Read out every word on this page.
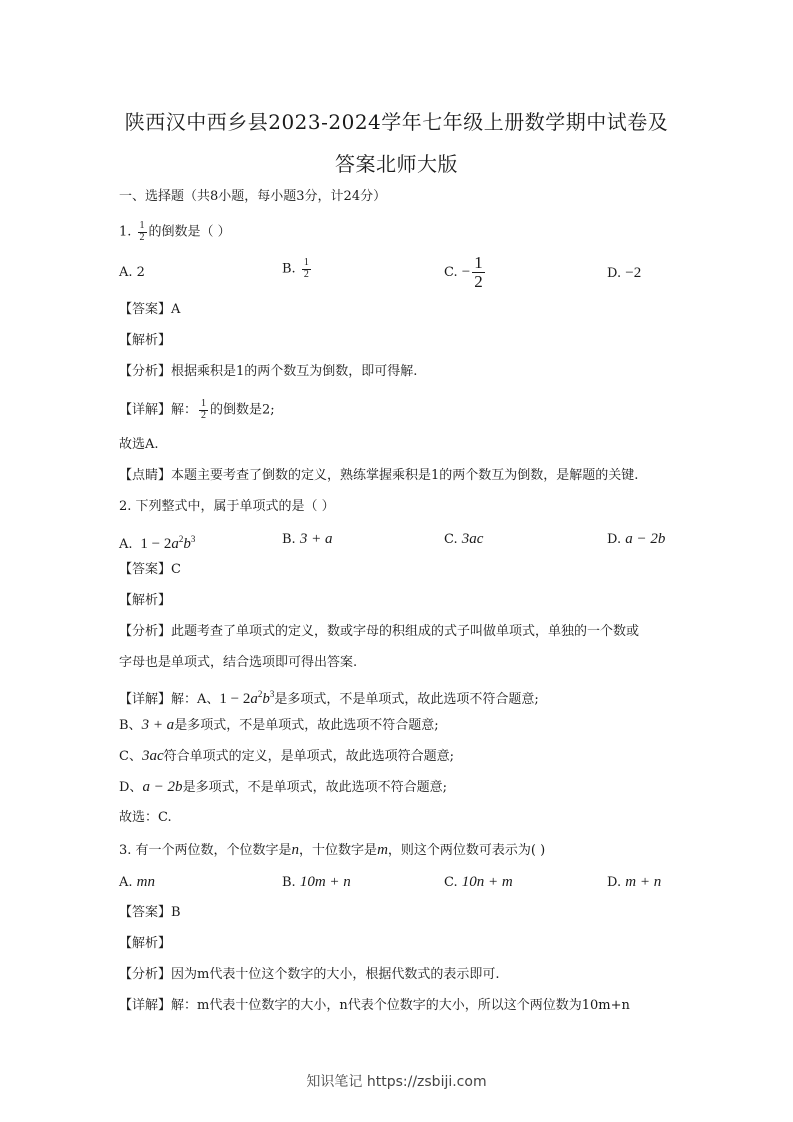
陕西汉中西乡县2023-2024学年七年级上册数学期中试卷及
答案北师大版
一、选择题（共8小题，每小题3分，计24分）
1. $\frac{1}{2}$ 的倒数是（ ）
A. 2	B. $\frac{1}{2}$	C. − $\frac{1}{2}$	D. −2
【答案】A
【解析】
【分析】根据乘积是1的两个数互为倒数，即可得解.
【详解】解： $\frac{1}{2}$ 的倒数是2;
故选A.
【点睛】本题主要考查了倒数的定义，熟练掌握乘积是1的两个数互为倒数，是解题的关键.
2. 下列整式中，属于单项式的是（ ）
A.  $1 - 2a^2b^3$	B. 3 + a	C. 3ac	D. a − 2b
【答案】C
【解析】
【分析】此题考查了单项式的定义，数或字母的积组成的式子叫做单项式，单独的一个数或
字母也是单项式，结合选项即可得出答案.
【详解】解：A、$1 - 2a^2b^3$是多项式，不是单项式，故此选项不符合题意;
B、3 + a是多项式，不是单项式，故此选项不符合题意;
C、3ac符合单项式的定义，是单项式，故此选项符合题意;
D、a − 2b是多项式，不是单项式，故此选项不符合题意;
故选：C.
3. 有一个两位数，个位数字是n，十位数字是m，则这个两位数可表示为( )
A. mn	B. 10m + n	C. 10n + m	D. m + n
【答案】B
【解析】
【分析】因为m代表十位这个数字的大小，根据代数式的表示即可.
【详解】解：m代表十位数字的大小，n代表个位数字的大小，所以这个两位数为10m+n
知识笔记 https://zsbiji.com
